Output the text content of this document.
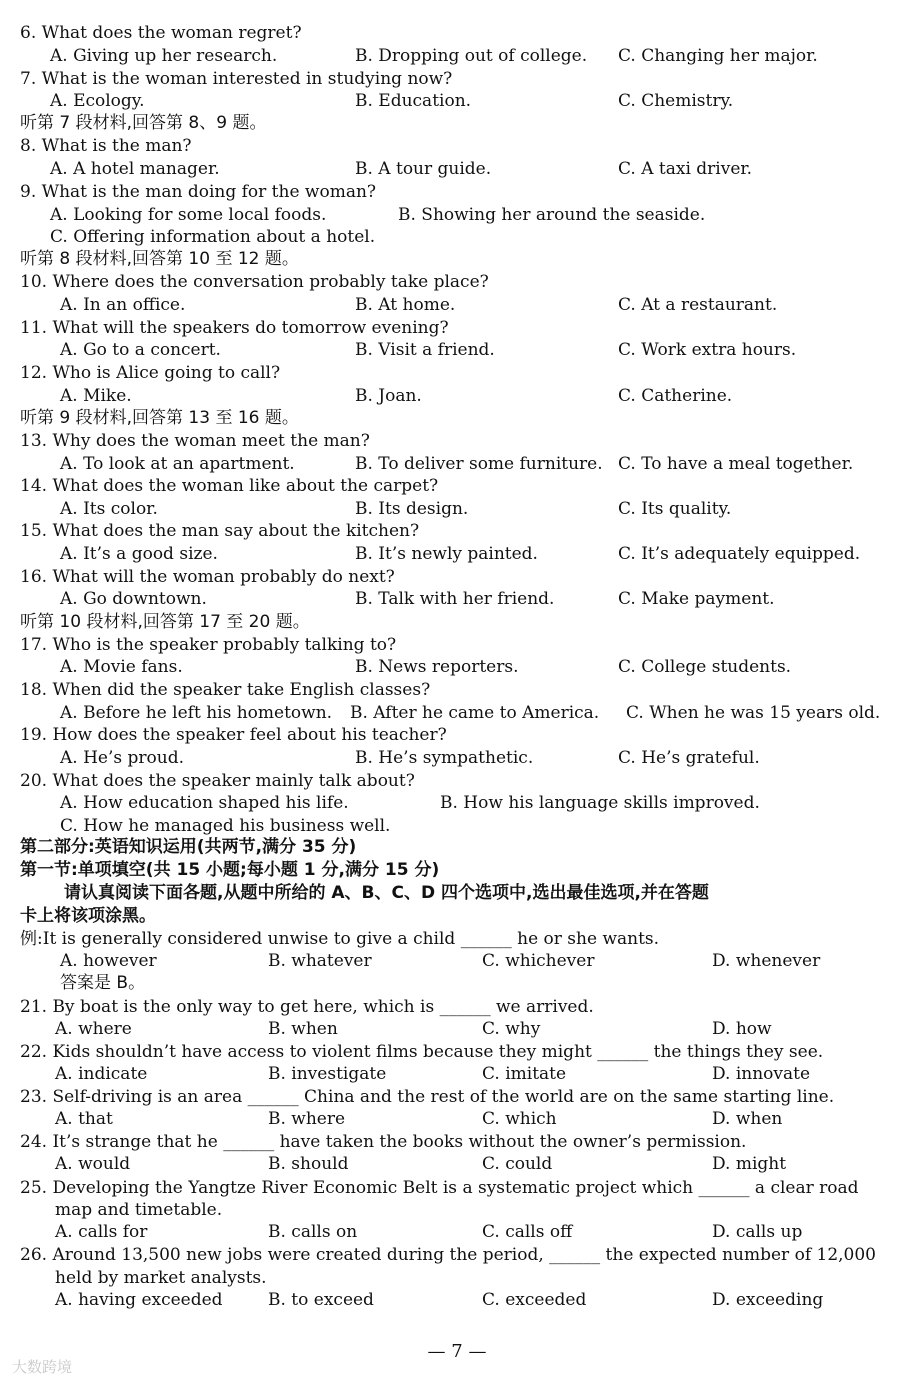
6. What does the woman regret?
A. Giving up her research.	B. Dropping out of college. C. Changing her major.
7. What is the woman interested in studying now?
A. Ecology.	B. Education.	C. Chemistry.
听第 7 段材料,回答第 8、9 题。
8. What is the man?
A. A hotel manager.	B. A tour guide.	C. A taxi driver.
9. What is the man doing for the woman?
A. Looking for some local foods.	B. Showing her around the seaside.
C. Offering information about a hotel.
听第 8 段材料,回答第 10 至 12 题。
10. Where does the conversation probably take place?
A. In an office.	B. At home.	C. At a restaurant.
11. What will the speakers do tomorrow evening?
A. Go to a concert.	B. Visit a friend.	C. Work extra hours.
12. Who is Alice going to call?
A. Mike.	B. Joan.	C. Catherine.
听第 9 段材料,回答第 13 至 16 题。
13. Why does the woman meet the man?
A. To look at an apartment.	B. To deliver some furniture. C. To have a meal together.
14. What does the woman like about the carpet?
A. Its color.	B. Its design.	C. Its quality.
15. What does the man say about the kitchen?
A. It’s a good size.	B. It’s newly painted.	C. It’s adequately equipped.
16. What will the woman probably do next?
A. Go downtown.	B. Talk with her friend.	C. Make payment.
听第 10 段材料,回答第 17 至 20 题。
17. Who is the speaker probably talking to?
A. Movie fans.	B. News reporters.	C. College students.
18. When did the speaker take English classes?
A. Before he left his hometown. B. After he came to America. C. When he was 15 years old.
19. How does the speaker feel about his teacher?
A. He’s proud.	B. He’s sympathetic.	C. He’s grateful.
20. What does the speaker mainly talk about?
A. How education shaped his life.	B. How his language skills improved.
C. How he managed his business well.
第二部分:英语知识运用(共两节,满分 35 分)
第一节:单项填空(共 15 小题;每小题 1 分,满分 15 分)
请认真阅读下面各题,从题中所给的 A、B、C、D 四个选项中,选出最佳选项,并在答题
卡上将该项涂黑。
例:It is generally considered unwise to give a child ______ he or she wants.
A. however	B. whatever	C. whichever	D. whenever
答案是 B。
21. By boat is the only way to get here, which is ______ we arrived.
A. where	B. when	C. why	D. how
22. Kids shouldn’t have access to violent films because they might ______ the things they see.
A. indicate	B. investigate	C. imitate	D. innovate
23. Self-driving is an area ______ China and the rest of the world are on the same starting line.
A. that	B. where	C. which	D. when
24. It’s strange that he ______ have taken the books without the owner’s permission.
A. would	B. should	C. could	D. might
25. Developing the Yangtze River Economic Belt is a systematic project which ______ a clear road
map and timetable.
A. calls for	B. calls on	C. calls off	D. calls up
26. Around 13,500 new jobs were created during the period, ______ the expected number of 12,000
held by market analysts.
A. having exceeded	B. to exceed	C. exceeded	D. exceeding
— 7 —
大数跨境
